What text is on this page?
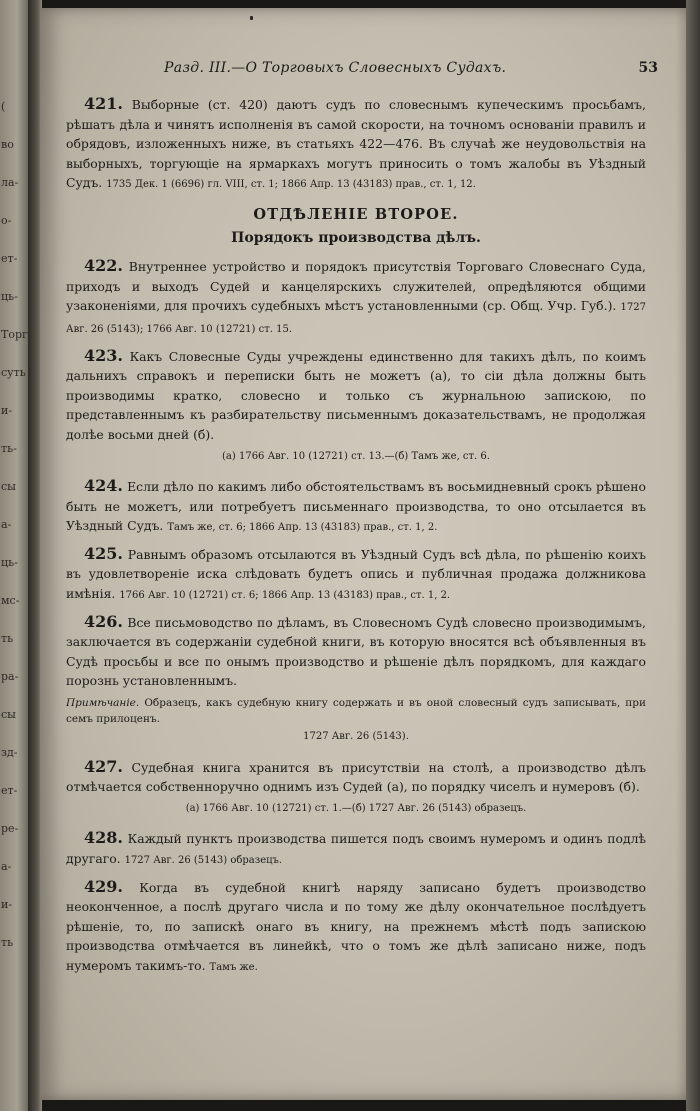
(
во
ла-
о-
ет-
ць-
Торг
суть
и-
ть-
сы
а-
ць-
мс-
ть
ра-
сы
зд-
ет-
ре-
а-
и-
ть
Разд. III.—О Торговыхъ Словесныхъ Судахъ.	53

421. Выборные (ст. 420) даютъ судъ по словеснымъ купеческимъ просьбамъ, рѣшатъ дѣла и чинятъ исполненія въ самой скорости, на точномъ основаніи правилъ и обрядовъ, изложенныхъ ниже, въ статьяхъ 422—476. Въ случаѣ же неудовольствія на выборныхъ, торгующіе на ярмаркахъ могутъ приносить о томъ жалобы въ Уѣздный Судъ. 1735 Дек. 1 (6696) гл. VIII, ст. 1; 1866 Апр. 13 (43183) прав., ст. 1, 12.

ОТДѢЛЕНІЕ ВТОРОЕ.
Порядокъ производства дѣлъ.

422. Внутреннее устройство и порядокъ присутствія Торговаго Словеснаго Суда, приходъ и выходъ Судей и канцелярскихъ служителей, опредѣляются общими узаконеніями, для прочихъ судебныхъ мѣстъ установленными (ср. Общ. Учр. Губ.). 1727 Авг. 26 (5143); 1766 Авг. 10 (12721) ст. 15.

423. Какъ Словесные Суды учреждены единственно для такихъ дѣлъ, по коимъ дальнихъ справокъ и переписки быть не можетъ (а), то сіи дѣла должны быть производимы кратко, словесно и только съ журнальною запискою, по представленнымъ къ разбирательству письменнымъ доказательствамъ, не продолжая долѣе восьми дней (б).

(а) 1766 Авг. 10 (12721) ст. 13.—(б) Тамъ же, ст. 6.

424. Если дѣло по какимъ либо обстоятельствамъ въ восьмидневный срокъ рѣшено быть не можетъ, или потребуетъ письменнаго производства, то оно отсылается въ Уѣздный Судъ. Тамъ же, ст. 6; 1866 Апр. 13 (43183) прав., ст. 1, 2.

425. Равнымъ образомъ отсылаются въ Уѣздный Судъ всѣ дѣла, по рѣшенію коихъ въ удовлетвореніе иска слѣдовать будетъ опись и публичная продажа должникова имѣнія. 1766 Авг. 10 (12721) ст. 6; 1866 Апр. 13 (43183) прав., ст. 1, 2.

426. Все письмоводство по дѣламъ, въ Словесномъ Судѣ словесно производимымъ, заключается въ содержаніи судебной книги, въ которую вносятся всѣ объявленныя въ Судѣ просьбы и все по онымъ производство и рѣшеніе дѣлъ порядкомъ, для каждаго порознь установленнымъ.

Примѣчаніе. Образецъ, какъ судебную книгу содержать и въ оной словесный судъ записывать, при семъ прилоценъ.

1727 Авг. 26 (5143).

427. Судебная книга хранится въ присутствіи на столѣ, а производство дѣлъ отмѣчается собственноручно однимъ изъ Судей (а), по порядку чиселъ и нумеровъ (б).

(а) 1766 Авг. 10 (12721) ст. 1.—(б) 1727 Авг. 26 (5143) образецъ.

428. Каждый пунктъ производства пишется подъ своимъ нумеромъ и одинъ подлѣ другаго. 1727 Авг. 26 (5143) образецъ.

429. Когда въ судебной книгѣ наряду записано будетъ производство неоконченное, а послѣ другаго числа и по тому же дѣлу окончательное послѣдуетъ рѣшеніе, то, по запискѣ онаго въ книгу, на прежнемъ мѣстѣ подъ запискою производства отмѣчается въ линейкѣ, что о томъ же дѣлѣ записано ниже, подъ нумеромъ такимъ-то. Тамъ же.
